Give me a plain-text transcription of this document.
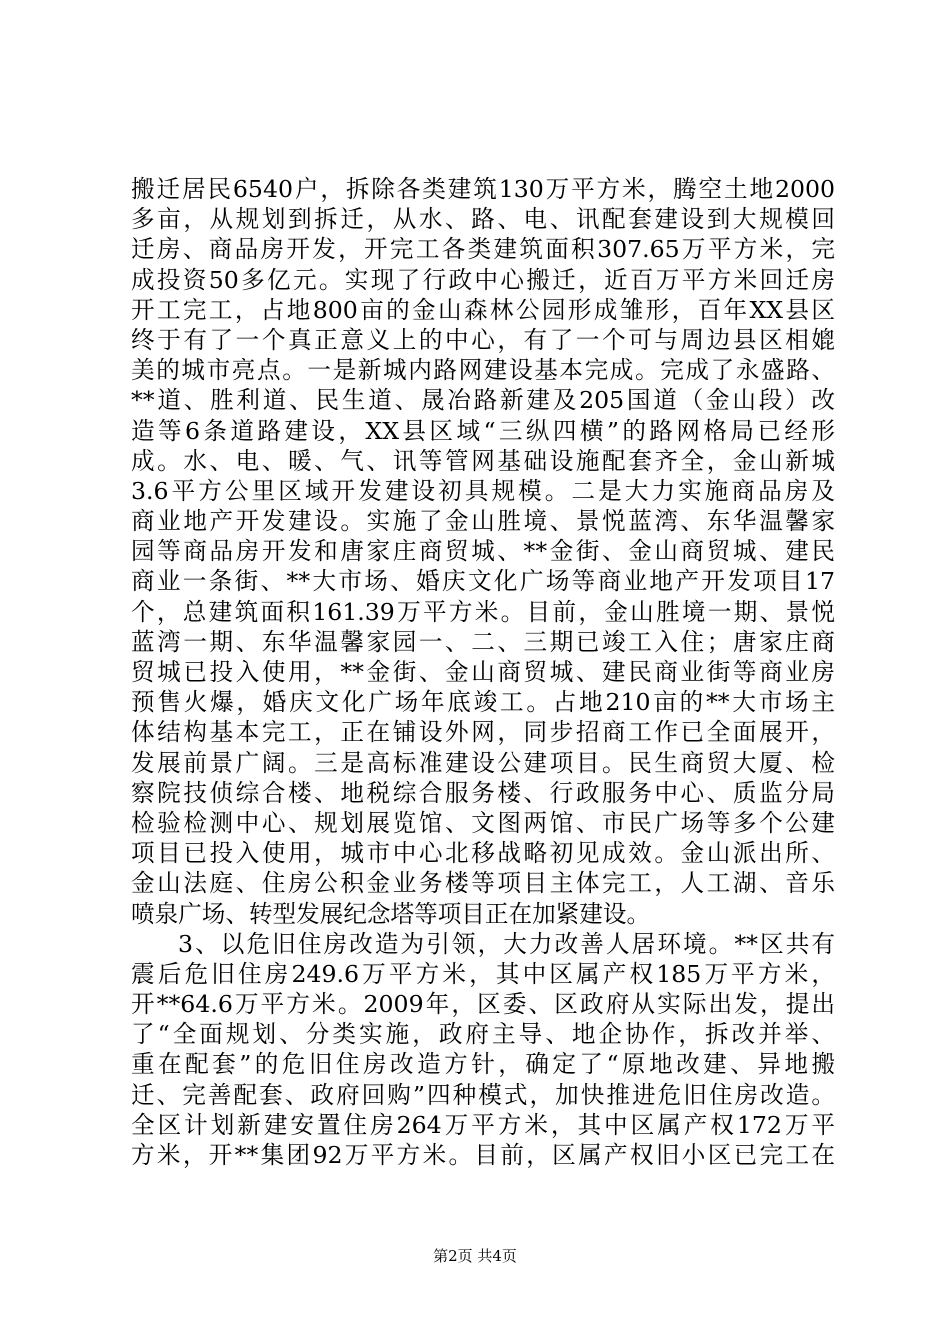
搬迁居民6540户，拆除各类建筑130万平方米，腾空土地2000
多亩，从规划到拆迁，从水、路、电、讯配套建设到大规模回
迁房、商品房开发，开完工各类建筑面积307.65万平方米，完
成投资50多亿元。实现了行政中心搬迁，近百万平方米回迁房
开工完工，占地800亩的金山森林公园形成雏形，百年XX县区
终于有了一个真正意义上的中心，有了一个可与周边县区相媲
美的城市亮点。一是新城内路网建设基本完成。完成了永盛路、
**道、胜利道、民生道、晟冶路新建及205国道（金山段）改
造等6条道路建设，XX县区域“三纵四横”的路网格局已经形
成。水、电、暖、气、讯等管网基础设施配套齐全，金山新城
3.6平方公里区域开发建设初具规模。二是大力实施商品房及
商业地产开发建设。实施了金山胜境、景悦蓝湾、东华温馨家
园等商品房开发和唐家庄商贸城、**金街、金山商贸城、建民
商业一条街、**大市场、婚庆文化广场等商业地产开发项目17
个，总建筑面积161.39万平方米。目前，金山胜境一期、景悦
蓝湾一期、东华温馨家园一、二、三期已竣工入住；唐家庄商
贸城已投入使用，**金街、金山商贸城、建民商业街等商业房
预售火爆，婚庆文化广场年底竣工。占地210亩的**大市场主
体结构基本完工，正在铺设外网，同步招商工作已全面展开，
发展前景广阔。三是高标准建设公建项目。民生商贸大厦、检
察院技侦综合楼、地税综合服务楼、行政服务中心、质监分局
检验检测中心、规划展览馆、文图两馆、市民广场等多个公建
项目已投入使用，城市中心北移战略初见成效。金山派出所、
金山法庭、住房公积金业务楼等项目主体完工，人工湖、音乐
喷泉广场、转型发展纪念塔等项目正在加紧建设。
3、以危旧住房改造为引领，大力改善人居环境。**区共有
震后危旧住房249.6万平方米，其中区属产权185万平方米，
开**64.6万平方米。2009年，区委、区政府从实际出发，提出
了“全面规划、分类实施，政府主导、地企协作，拆改并举、
重在配套”的危旧住房改造方针，确定了“原地改建、异地搬
迁、完善配套、政府回购”四种模式，加快推进危旧住房改造。
全区计划新建安置住房264万平方米，其中区属产权172万平
方米，开**集团92万平方米。目前，区属产权旧小区已完工在
第2页 共4页
